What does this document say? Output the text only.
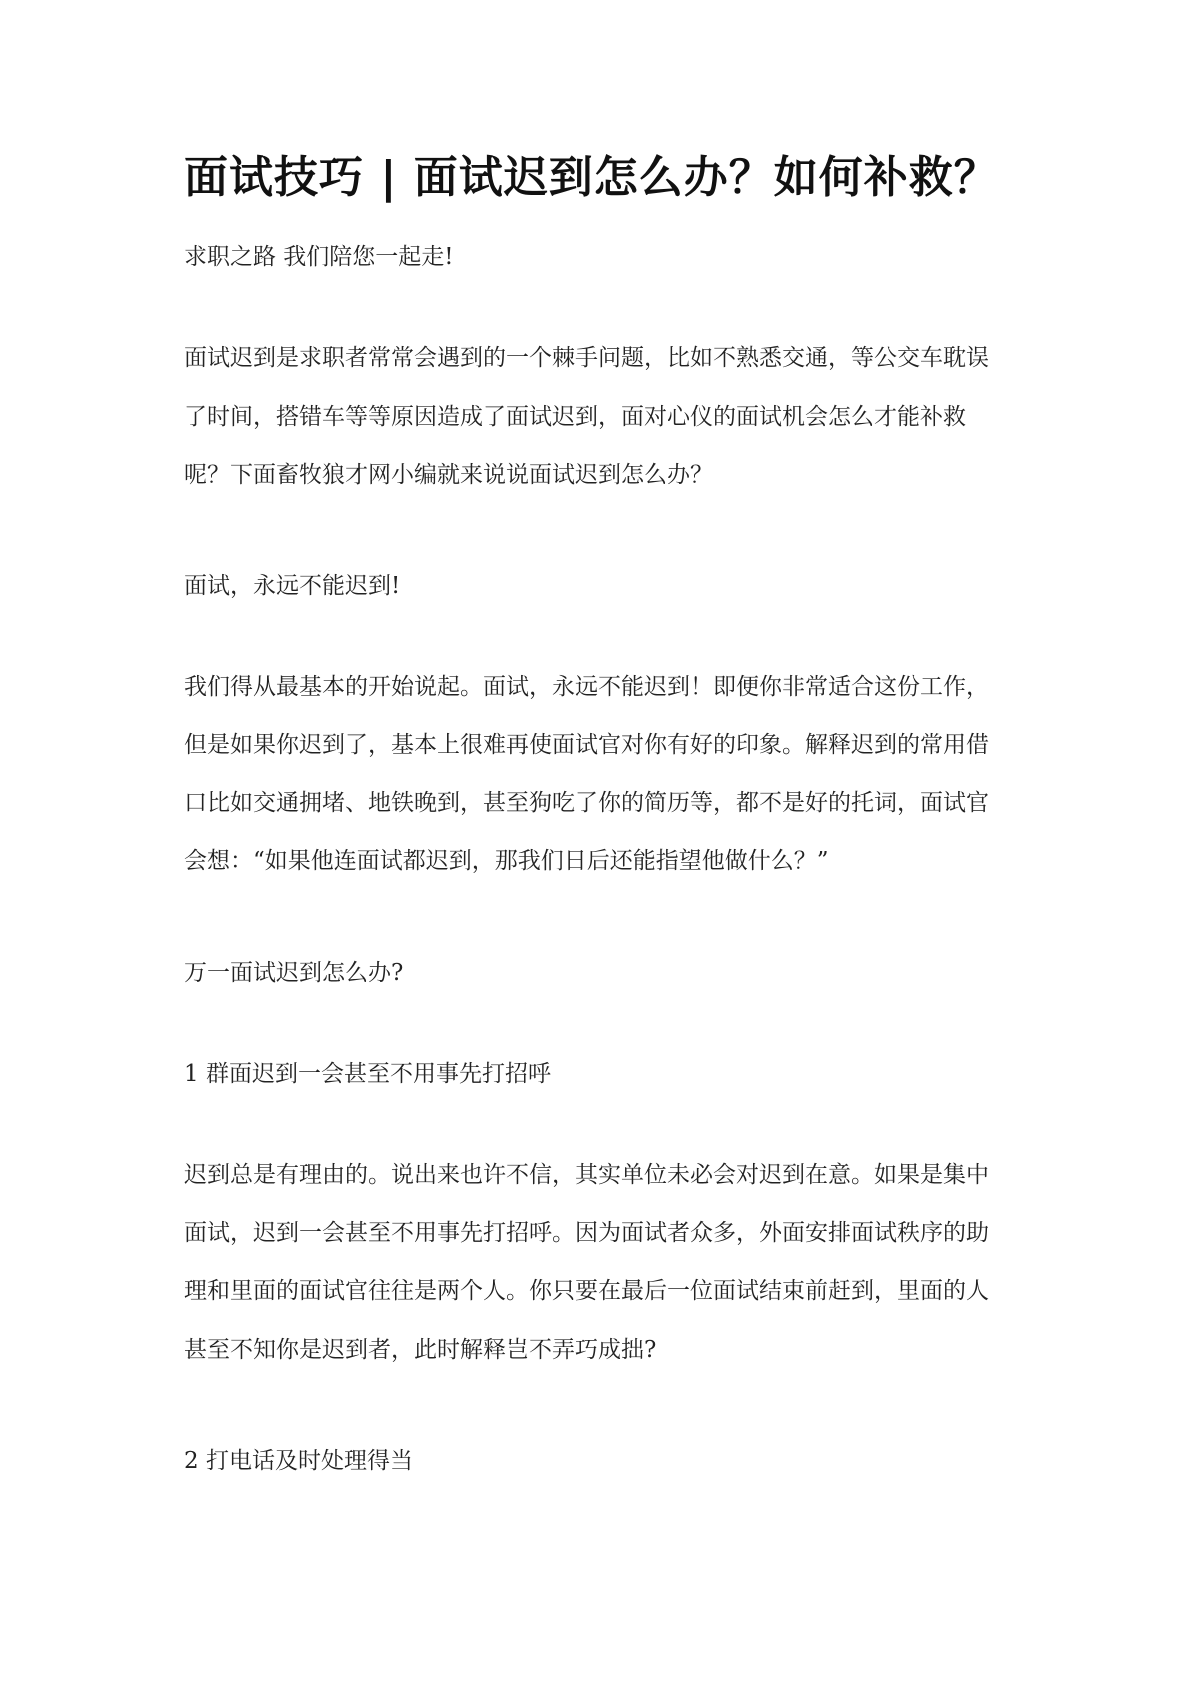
面试技巧 | 面试迟到怎么办？如何补救？

求职之路 我们陪您一起走!

面试迟到是求职者常常会遇到的一个棘手问题，比如不熟悉交通，等公交车耽误

了时间，搭错车等等原因造成了面试迟到，面对心仪的面试机会怎么才能补救

呢？下面畜牧狼才网小编就来说说面试迟到怎么办？

面试，永远不能迟到!

我们得从最基本的开始说起。面试，永远不能迟到！即便你非常适合这份工作，

但是如果你迟到了，基本上很难再使面试官对你有好的印象。解释迟到的常用借

口比如交通拥堵、地铁晚到，甚至狗吃了你的简历等，都不是好的托词，面试官

会想：“如果他连面试都迟到，那我们日后还能指望他做什么？”

万一面试迟到怎么办?

1 群面迟到一会甚至不用事先打招呼

迟到总是有理由的。说出来也许不信，其实单位未必会对迟到在意。如果是集中

面试，迟到一会甚至不用事先打招呼。因为面试者众多，外面安排面试秩序的助

理和里面的面试官往往是两个人。你只要在最后一位面试结束前赶到，里面的人

甚至不知你是迟到者，此时解释岂不弄巧成拙?

2 打电话及时处理得当
